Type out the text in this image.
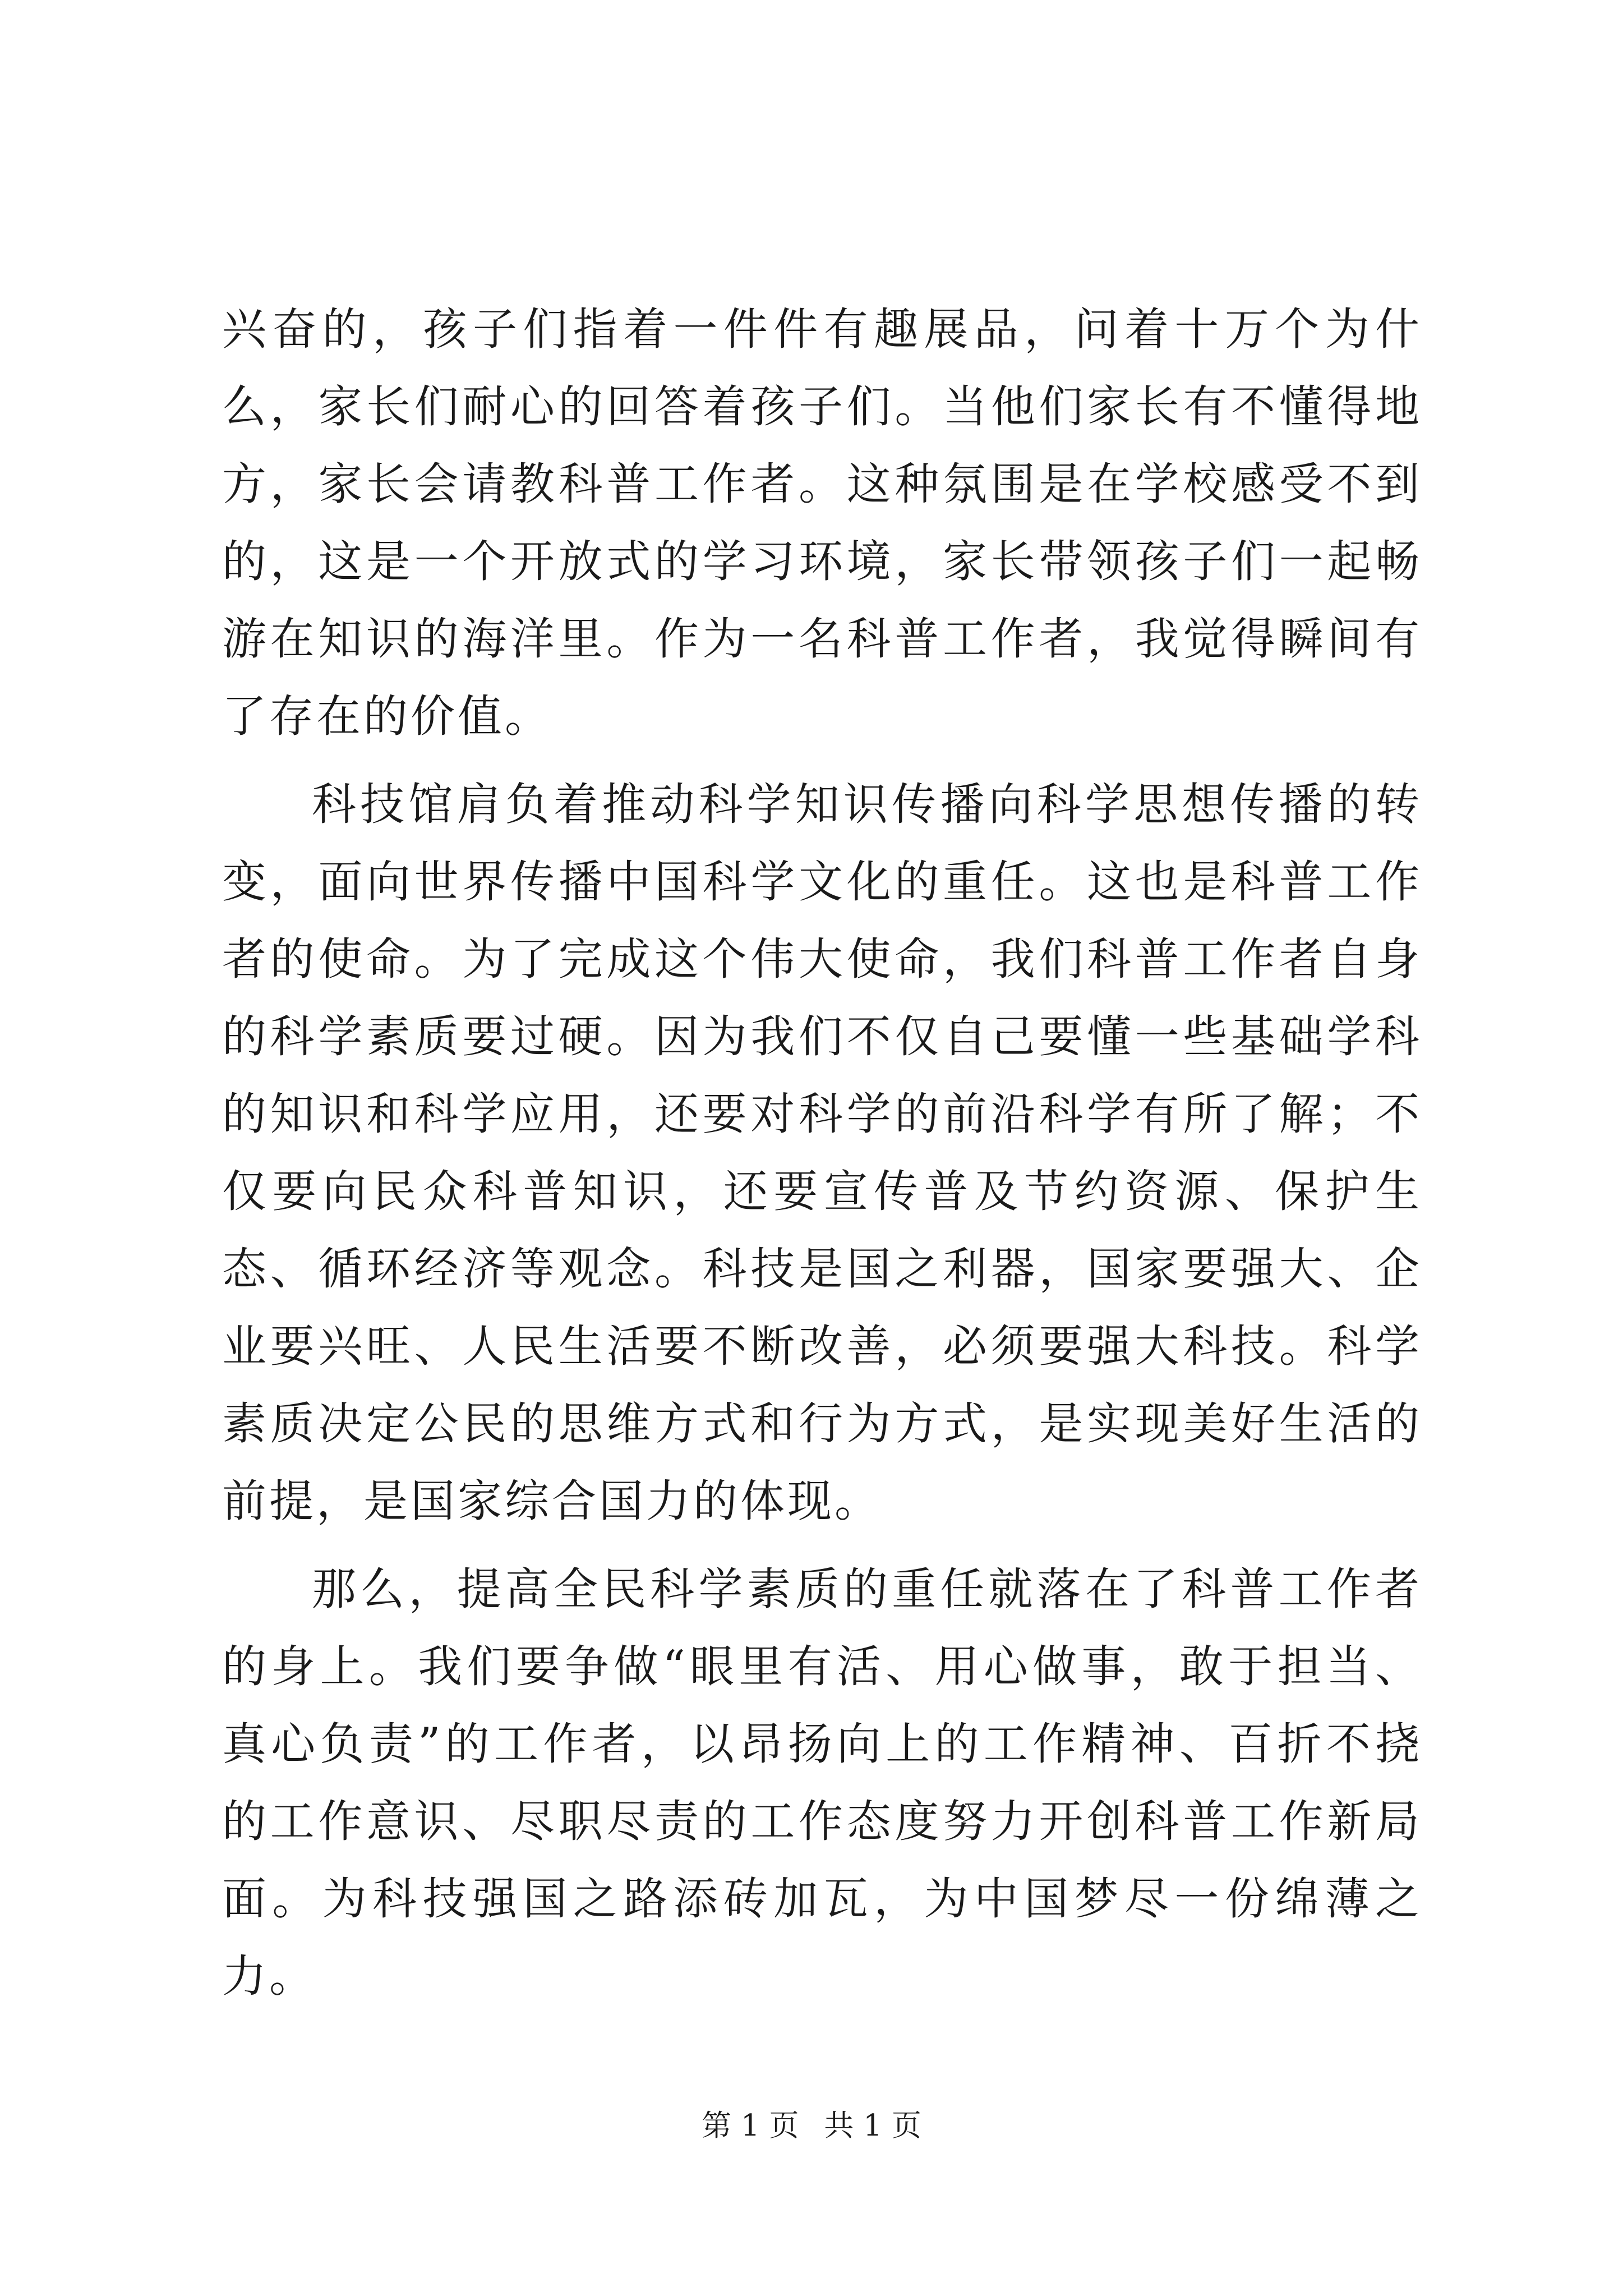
兴奋的，孩子们指着一件件有趣展品，问着十万个为什么，家长们耐心的回答着孩子们。当他们家长有不懂得地方，家长会请教科普工作者。这种氛围是在学校感受不到的，这是一个开放式的学习环境，家长带领孩子们一起畅游在知识的海洋里。作为一名科普工作者，我觉得瞬间有了存在的价值。

科技馆肩负着推动科学知识传播向科学思想传播的转变，面向世界传播中国科学文化的重任。这也是科普工作者的使命。为了完成这个伟大使命，我们科普工作者自身的科学素质要过硬。因为我们不仅自己要懂一些基础学科的知识和科学应用，还要对科学的前沿科学有所了解；不仅要向民众科普知识，还要宣传普及节约资源、保护生态、循环经济等观念。科技是国之利器，国家要强大、企业要兴旺、人民生活要不断改善，必须要强大科技。科学素质决定公民的思维方式和行为方式，是实现美好生活的前提，是国家综合国力的体现。

那么，提高全民科学素质的重任就落在了科普工作者的身上。我们要争做“眼里有活、用心做事，敢于担当、真心负责”的工作者，以昂扬向上的工作精神、百折不挠的工作意识、尽职尽责的工作态度努力开创科普工作新局面。为科技强国之路添砖加瓦，为中国梦尽一份绵薄之力。

第 1 页 共 1 页
